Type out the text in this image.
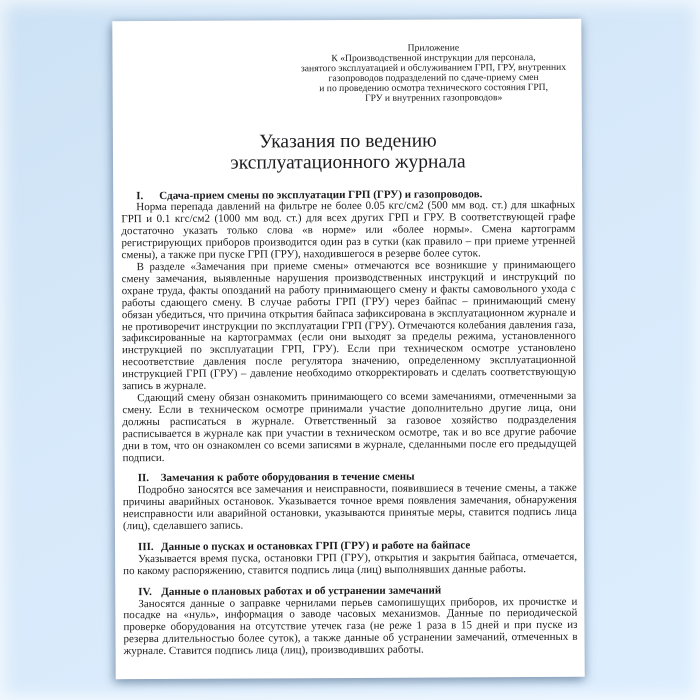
Приложение
К «Производственной инструкции для персонала,
занятого эксплуатацией и обслуживанием ГРП, ГРУ, внутренних
газопроводов подразделений по сдаче-приему смен
и по проведению осмотра технического состояния ГРП,
ГРУ и внутренних газопроводов»
Указания по ведению
эксплуатационного журнала
I.	Сдача-прием смены по эксплуатации ГРП (ГРУ) и газопроводов.

Норма перепада давлений на фильтре не более 0.05 кгс/см2 (500 мм вод. ст.) для шкафных ГРП и 0.1 кгс/см2 (1000 мм вод. ст.) для всех других ГРП и ГРУ. В соответствующей графе достаточно указать только слова «в норме» или «более нормы». Смена картограмм регистрирующих приборов производится один раз в сутки (как правило – при приеме утренней смены), а также при пуске ГРП (ГРУ), находившегося в резерве более суток.

В разделе «Замечания при приеме смены» отмечаются все возникшие у принимающего смену замечания, выявленные нарушения производственных инструкций и инструкций по охране труда, факты опозданий на работу принимающего смену и факты самовольного ухода с работы сдающего смену. В случае работы ГРП (ГРУ) через байпас – принимающий смену обязан убедиться, что причина открытия байпаса зафиксирована в эксплуатационном журнале и не противоречит инструкции по эксплуатации ГРП (ГРУ). Отмечаются колебания давления газа, зафиксированные на картограммах (если они выходят за пределы режима, установленного инструкцией по эксплуатации ГРП, ГРУ). Если при техническом осмотре установлено несоответствие давления после регулятора значению, определенному эксплуатационной инструкцией ГРП (ГРУ) – давление необходимо откорректировать и сделать соответствующую запись в журнале.

Сдающий смену обязан ознакомить принимающего со всеми замечаниями, отмеченными за смену. Если в техническом осмотре принимали участие дополнительно другие лица, они должны расписаться в журнале. Ответственный за газовое хозяйство подразделения расписывается в журнале как при участии в техническом осмотре, так и во все другие рабочие дни в том, что он ознакомлен со всеми записями в журнале, сделанными после его предыдущей подписи.

II.	Замечания к работе оборудования в течение смены

Подробно заносятся все замечания и неисправности, появившиеся в течение смены, а также причины аварийных остановок. Указывается точное время появления замечания, обнаружения неисправности или аварийной остановки, указываются принятые меры, ставится подпись лица (лиц), сделавшего запись.

III. Данные о пусках и остановках ГРП (ГРУ) и работе на байпасе

Указывается время пуска, остановки ГРП (ГРУ), открытия и закрытия байпаса, отмечается, по какому распоряжению, ставится подпись лица (лиц) выполнявших данные работы.

IV. Данные о плановых работах и об устранении замечаний

Заносятся данные о заправке чернилами перьев самопишущих приборов, их прочистке и посадке на «нуль», информация о заводе часовых механизмов. Данные по периодической проверке оборудования на отсутствие утечек газа (не реже 1 раза в 15 дней и при пуске из резерва длительностью более суток), а также данные об устранении замечаний, отмеченных в журнале. Ставится подпись лица (лиц), производивших работы.
